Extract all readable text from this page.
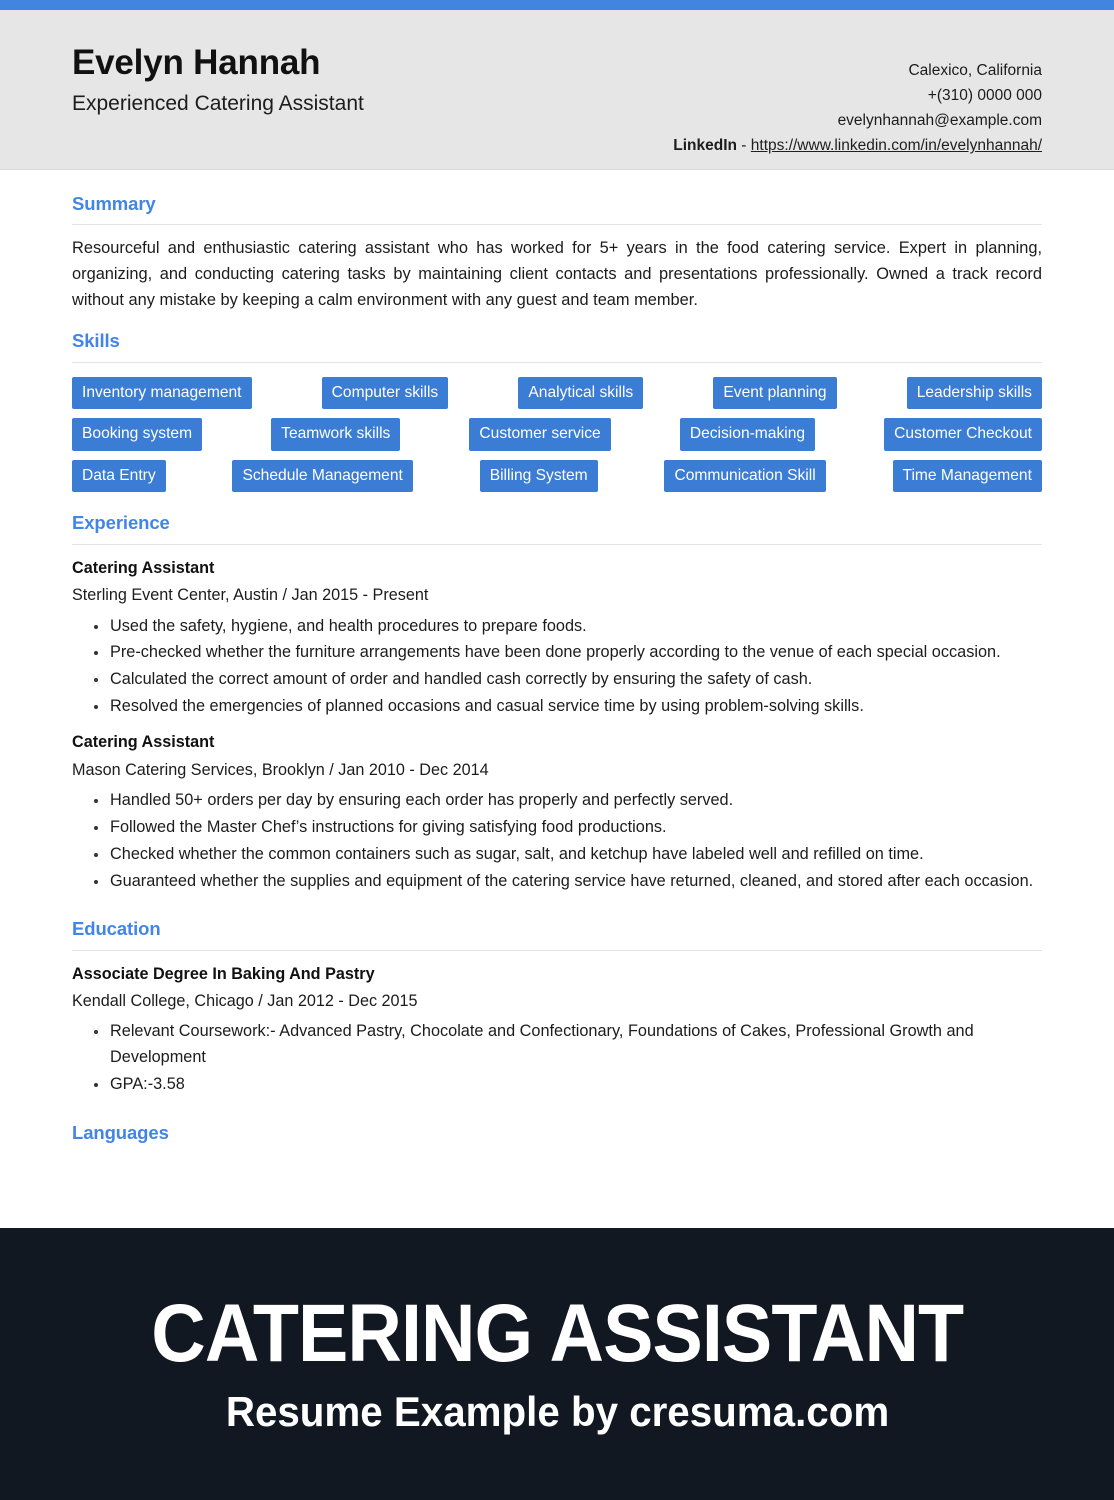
Evelyn Hannah
Experienced Catering Assistant
Calexico, California
+(310) 0000 000
evelynhannah@example.com
LinkedIn - https://www.linkedin.com/in/evelynhannah/
Summary

Resourceful and enthusiastic catering assistant who has worked for 5+ years in the food catering service. Expert in planning, organizing, and conducting catering tasks by maintaining client contacts and presentations professionally. Owned a track record without any mistake by keeping a calm environment with any guest and team member.

Skills
Inventory management	Computer skills	Analytical skills	Event planning	Leadership skills
Booking system	Teamwork skills	Customer service	Decision-making	Customer Checkout
Data Entry	Schedule Management	Billing System	Communication Skill	Time Management
Experience
Catering Assistant
Sterling Event Center, Austin / Jan 2015 - Present
Used the safety, hygiene, and health procedures to prepare foods.
Pre-checked whether the furniture arrangements have been done properly according to the venue of each special occasion.
Calculated the correct amount of order and handled cash correctly by ensuring the safety of cash.
Resolved the emergencies of planned occasions and casual service time by using problem-solving skills.
Catering Assistant
Mason Catering Services, Brooklyn / Jan 2010 - Dec 2014
Handled 50+ orders per day by ensuring each order has properly and perfectly served.
Followed the Master Chef’s instructions for giving satisfying food productions.
Checked whether the common containers such as sugar, salt, and ketchup have labeled well and refilled on time.
Guaranteed whether the supplies and equipment of the catering service have returned, cleaned, and stored after each occasion.
Education
Associate Degree In Baking And Pastry
Kendall College, Chicago / Jan 2012 - Dec 2015
Relevant Coursework:- Advanced Pastry, Chocolate and Confectionary, Foundations of Cakes, Professional Growth and Development
GPA:-3.58
Languages
CATERING ASSISTANT
Resume Example by cresuma.com
